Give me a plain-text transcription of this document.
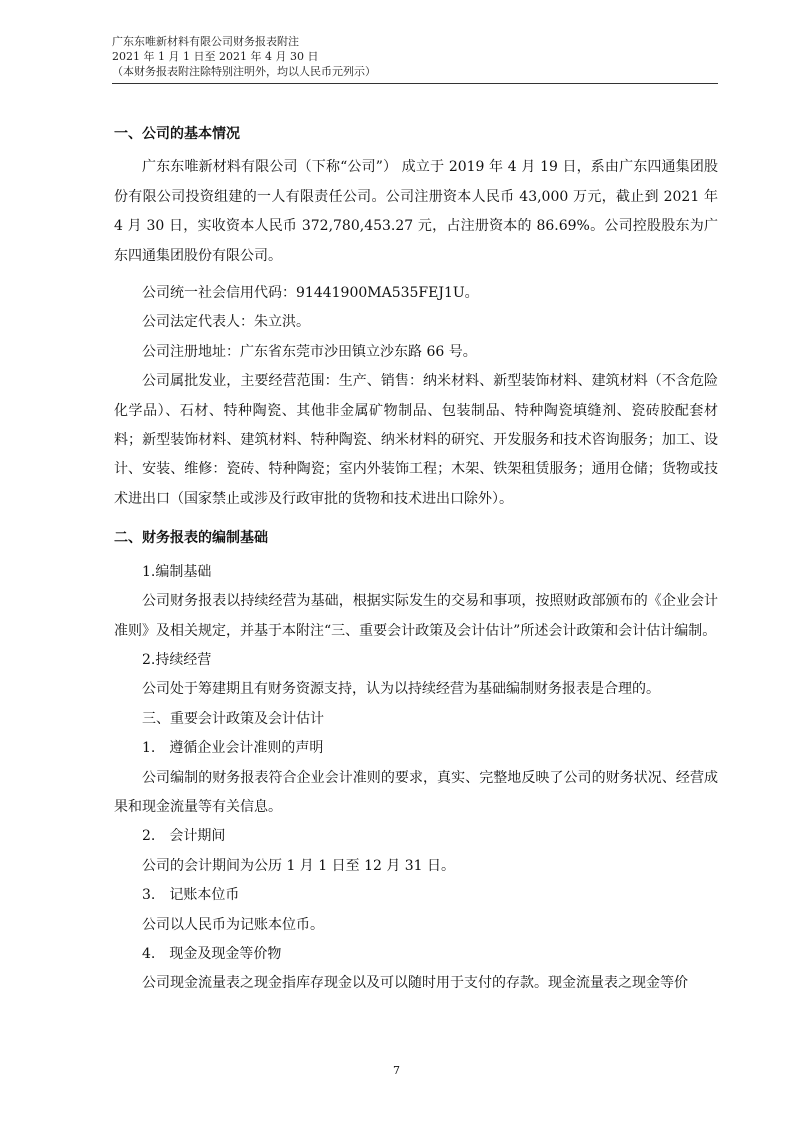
广东东唯新材料有限公司财务报表附注
2021 年 1 月 1 日至 2021 年 4 月 30 日
（本财务报表附注除特别注明外，均以人民币元列示）

一、公司的基本情况

广东东唯新材料有限公司（下称“公司”） 成立于 2019 年 4 月 19 日，系由广东四通集团股份有限公司投资组建的一人有限责任公司。公司注册资本人民币 43,000 万元，截止到 2021 年 4 月 30 日，实收资本人民币 372,780,453.27 元，占注册资本的 86.69%。公司控股股东为广东四通集团股份有限公司。

公司统一社会信用代码：91441900MA535FEJ1U。

公司法定代表人：朱立洪。

公司注册地址：广东省东莞市沙田镇立沙东路 66 号。

公司属批发业，主要经营范围：生产、销售：纳米材料、新型装饰材料、建筑材料（不含危险化学品）、石材、特种陶瓷、其他非金属矿物制品、包装制品、特种陶瓷填缝剂、瓷砖胶配套材料；新型装饰材料、建筑材料、特种陶瓷、纳米材料的研究、开发服务和技术咨询服务；加工、设计、安装、维修：瓷砖、特种陶瓷；室内外装饰工程；木架、铁架租赁服务；通用仓储；货物或技术进出口（国家禁止或涉及行政审批的货物和技术进出口除外）。

二、财务报表的编制基础

1.编制基础

公司财务报表以持续经营为基础，根据实际发生的交易和事项，按照财政部颁布的《企业会计准则》及相关规定，并基于本附注“三、重要会计政策及会计估计”所述会计政策和会计估计编制。

2.持续经营

公司处于筹建期且有财务资源支持，认为以持续经营为基础编制财务报表是合理的。

三、重要会计政策及会计估计

1.　遵循企业会计准则的声明

公司编制的财务报表符合企业会计准则的要求，真实、完整地反映了公司的财务状况、经营成果和现金流量等有关信息。

2.　会计期间

公司的会计期间为公历 1 月 1 日至 12 月 31 日。

3.　记账本位币

公司以人民币为记账本位币。

4.　现金及现金等价物

公司现金流量表之现金指库存现金以及可以随时用于支付的存款。现金流量表之现金等价

7
